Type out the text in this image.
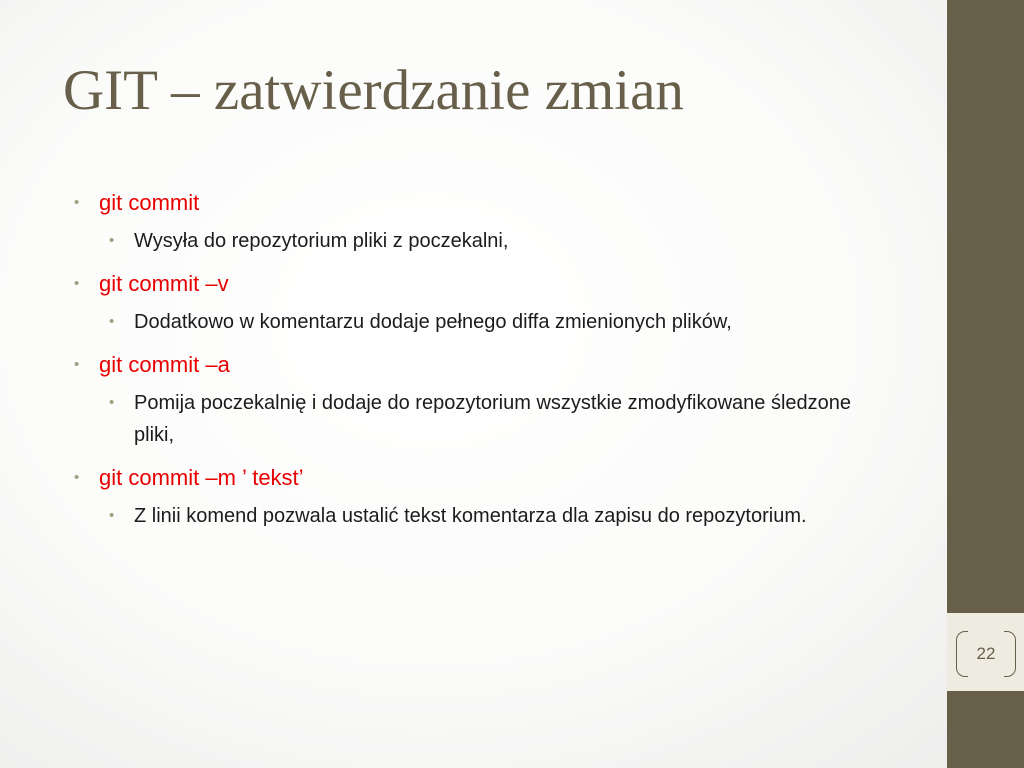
GIT – zatwierdzanie zmian
• git commit
• Wysyła do repozytorium pliki z poczekalni,
• git commit –v
• Dodatkowo w komentarzu dodaje pełnego diffa zmienionych plików,
• git commit –a
• Pomija poczekalnię i dodaje do repozytorium wszystkie zmodyfikowane śledzone pliki,
• git commit –m ’ tekst’
• Z linii komend pozwala ustalić tekst komentarza dla zapisu do repozytorium.
22
